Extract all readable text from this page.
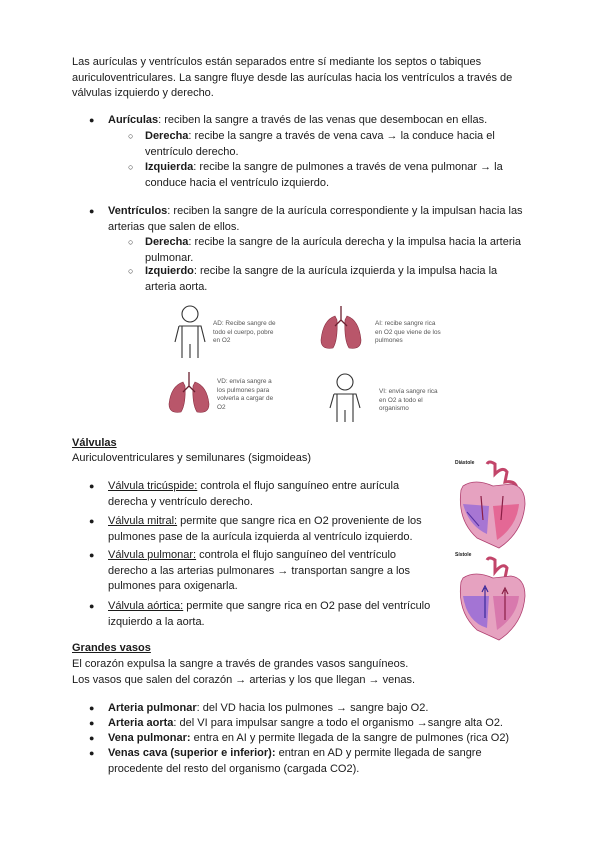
Las aurículas y ventrículos están separados entre sí mediante los septos o tabiques auriculoventriculares. La sangre fluye desde las aurículas hacia los ventrículos a través de válvulas izquierdo y derecho.
● Aurículas: reciben la sangre a través de las venas que desembocan en ellas.
○ Derecha: recibe la sangre a través de vena cava → la conduce hacia el ventrículo derecho.
○ Izquierda: recibe la sangre de pulmones a través de vena pulmonar → la conduce hacia el ventrículo izquierdo.
● Ventrículos: reciben la sangre de la aurícula correspondiente y la impulsan hacia las arterias que salen de ellos.
○ Derecha: recibe la sangre de la aurícula derecha y la impulsa hacia la arteria pulmonar.
○ Izquierdo: recibe la sangre de la aurícula izquierda y la impulsa hacia la arteria aorta.
AD: Recibe sangre de todo el cuerpo, pobre en O2
AI: recibe sangre rica en O2 que viene de los pulmones
VD: envía sangre a los pulmones para volverla a cargar de O2
VI: envía sangre rica en O2 a todo el organismo
Válvulas
Auriculoventriculares y semilunares (sigmoideas)
● Válvula tricúspide: controla el flujo sanguíneo entre aurícula derecha y ventrículo derecho.
● Válvula mitral: permite que sangre rica en O2 proveniente de los pulmones pase de la aurícula izquierda al ventrículo izquierdo.
● Válvula pulmonar: controla el flujo sanguíneo del ventrículo derecho a las arterias pulmonares → transportan sangre a los pulmones para oxigenarla.
● Válvula aórtica: permite que sangre rica en O2 pase del ventrículo izquierdo a la aorta.
Diástole
Sístole
Grandes vasos
El corazón expulsa la sangre a través de grandes vasos sanguíneos.
Los vasos que salen del corazón → arterias y los que llegan → venas.
● Arteria pulmonar: del VD hacia los pulmones → sangre bajo O2.
● Arteria aorta: del VI para impulsar sangre a todo el organismo →sangre alta O2.
● Vena pulmonar: entra en AI y permite llegada de la sangre de pulmones (rica O2)
● Venas cava (superior e inferior): entran en AD y permite llegada de sangre procedente del resto del organismo (cargada CO2).
